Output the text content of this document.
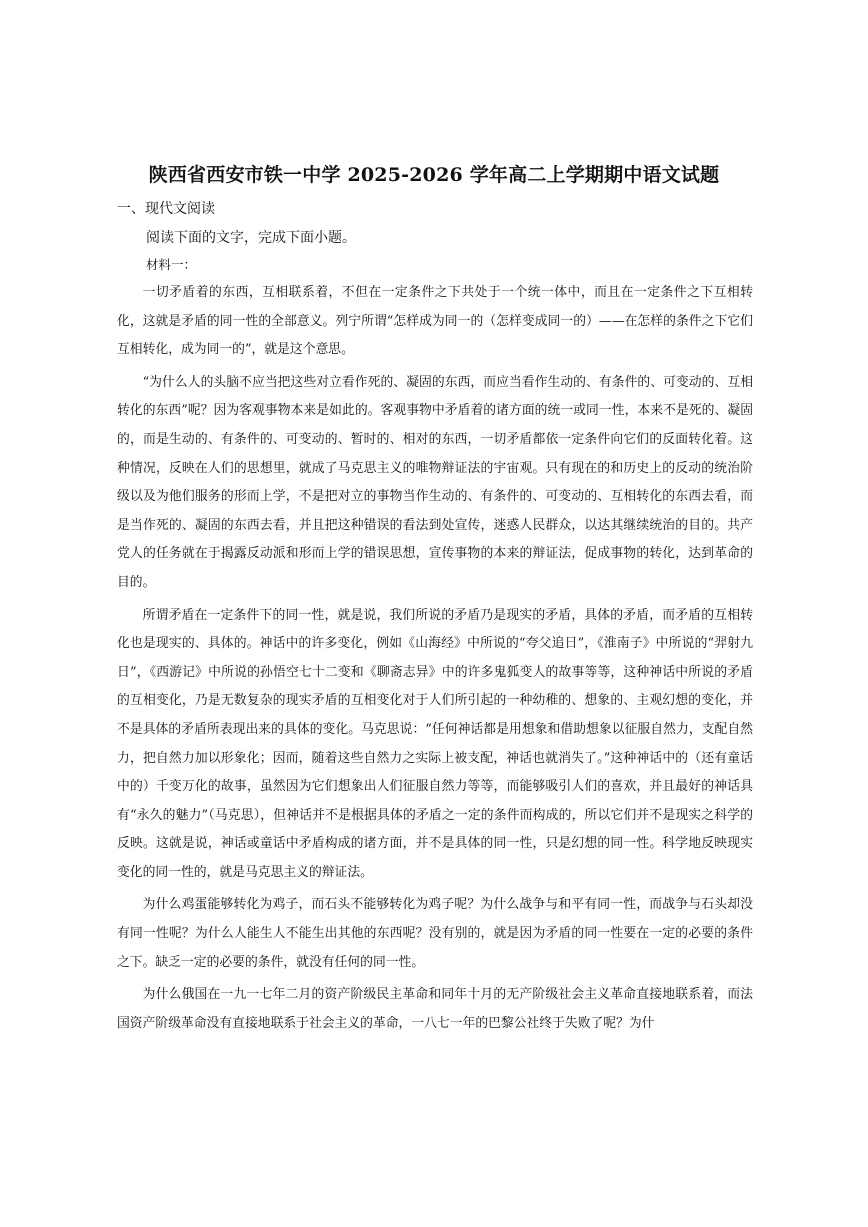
陕西省西安市铁一中学 2025-2026 学年高二上学期期中语文试题
一、现代文阅读
阅读下面的文字，完成下面小题。
材料一：

一切矛盾着的东西，互相联系着，不但在一定条件之下共处于一个统一体中，而且在一定条件之下互相转化，这就是矛盾的同一性的全部意义。列宁所谓“怎样成为同一的（怎样变成同一的）——在怎样的条件之下它们互相转化，成为同一的”，就是这个意思。

“为什么人的头脑不应当把这些对立看作死的、凝固的东西，而应当看作生动的、有条件的、可变动的、互相转化的东西”呢？因为客观事物本来是如此的。客观事物中矛盾着的诸方面的统一或同一性，本来不是死的、凝固的，而是生动的、有条件的、可变动的、暂时的、相对的东西，一切矛盾都依一定条件向它们的反面转化着。这种情况，反映在人们的思想里，就成了马克思主义的唯物辩证法的宇宙观。只有现在的和历史上的反动的统治阶级以及为他们服务的形而上学，不是把对立的事物当作生动的、有条件的、可变动的、互相转化的东西去看，而是当作死的、凝固的东西去看，并且把这种错误的看法到处宣传，迷惑人民群众，以达其继续统治的目的。共产党人的任务就在于揭露反动派和形而上学的错误思想，宣传事物的本来的辩证法，促成事物的转化，达到革命的目的。

所谓矛盾在一定条件下的同一性，就是说，我们所说的矛盾乃是现实的矛盾，具体的矛盾，而矛盾的互相转化也是现实的、具体的。神话中的许多变化，例如《山海经》中所说的“夸父追日”，《淮南子》中所说的“羿射九日”，《西游记》中所说的孙悟空七十二变和《聊斋志异》中的许多鬼狐变人的故事等等，这种神话中所说的矛盾的互相变化，乃是无数复杂的现实矛盾的互相变化对于人们所引起的一种幼稚的、想象的、主观幻想的变化，并不是具体的矛盾所表现出来的具体的变化。马克思说：“任何神话都是用想象和借助想象以征服自然力，支配自然力，把自然力加以形象化；因而，随着这些自然力之实际上被支配，神话也就消失了。”这种神话中的（还有童话中的）千变万化的故事，虽然因为它们想象出人们征服自然力等等，而能够吸引人们的喜欢，并且最好的神话具有“永久的魅力”（马克思），但神话并不是根据具体的矛盾之一定的条件而构成的，所以它们并不是现实之科学的反映。这就是说，神话或童话中矛盾构成的诸方面，并不是具体的同一性，只是幻想的同一性。科学地反映现实变化的同一性的，就是马克思主义的辩证法。

为什么鸡蛋能够转化为鸡子，而石头不能够转化为鸡子呢？为什么战争与和平有同一性，而战争与石头却没有同一性呢？为什么人能生人不能生出其他的东西呢？没有别的，就是因为矛盾的同一性要在一定的必要的条件之下。缺乏一定的必要的条件，就没有任何的同一性。

为什么俄国在一九一七年二月的资产阶级民主革命和同年十月的无产阶级社会主义革命直接地联系着，而法国资产阶级革命没有直接地联系于社会主义的革命，一八七一年的巴黎公社终于失败了呢？为什
